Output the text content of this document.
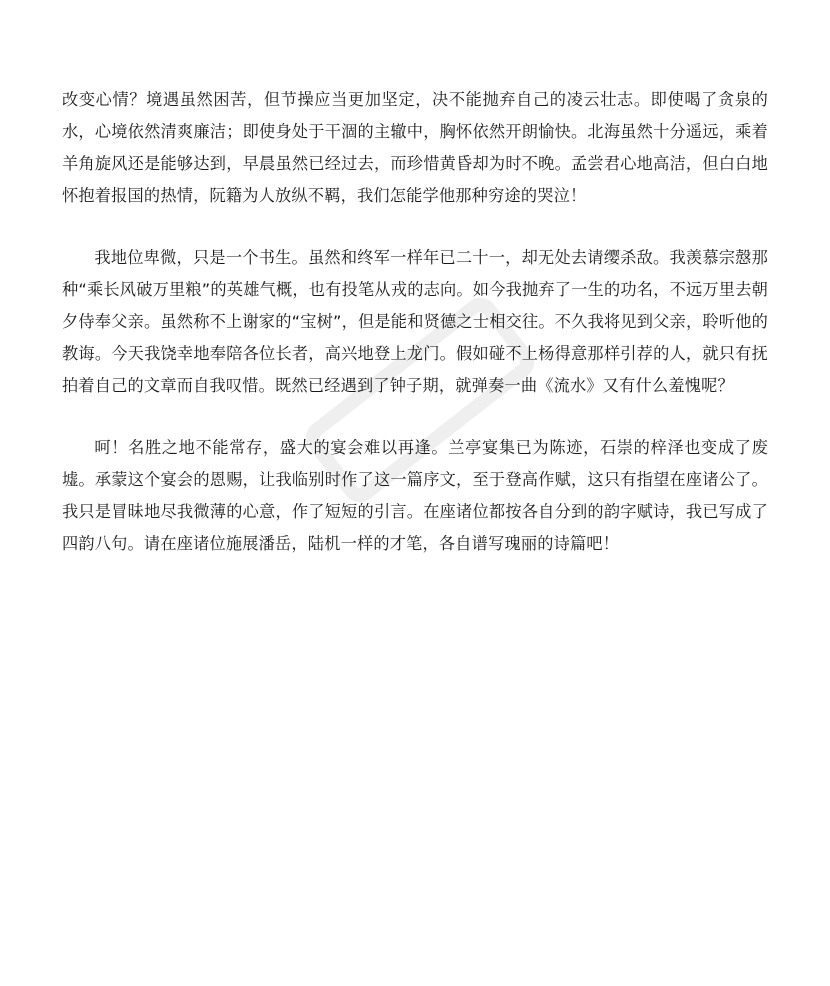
改变心情？境遇虽然困苦，但节操应当更加坚定，决不能抛弃自己的凌云壮志。即使喝了贪泉的水，心境依然清爽廉洁；即使身处于干涸的主辙中，胸怀依然开朗愉快。北海虽然十分遥远，乘着羊角旋风还是能够达到，早晨虽然已经过去，而珍惜黄昏却为时不晚。孟尝君心地高洁，但白白地怀抱着报国的热情，阮籍为人放纵不羁，我们怎能学他那种穷途的哭泣！

我地位卑微，只是一个书生。虽然和终军一样年已二十一，却无处去请缨杀敌。我羡慕宗慤那种“乘长风破万里粮”的英雄气概，也有投笔从戎的志向。如今我抛弃了一生的功名，不远万里去朝夕侍奉父亲。虽然称不上谢家的“宝树”，但是能和贤德之士相交往。不久我将见到父亲，聆听他的教诲。今天我饶幸地奉陪各位长者，高兴地登上龙门。假如碰不上杨得意那样引荐的人，就只有抚拍着自己的文章而自我叹惜。既然已经遇到了钟子期，就弹奏一曲《流水》又有什么羞愧呢？

呵！名胜之地不能常存，盛大的宴会难以再逢。兰亭宴集已为陈迹，石崇的梓泽也变成了废墟。承蒙这个宴会的恩赐，让我临别时作了这一篇序文，至于登高作赋，这只有指望在座诸公了。我只是冒昧地尽我微薄的心意，作了短短的引言。在座诸位都按各自分到的韵字赋诗，我已写成了四韵八句。请在座诸位施展潘岳，陆机一样的才笔，各自谱写瑰丽的诗篇吧！
